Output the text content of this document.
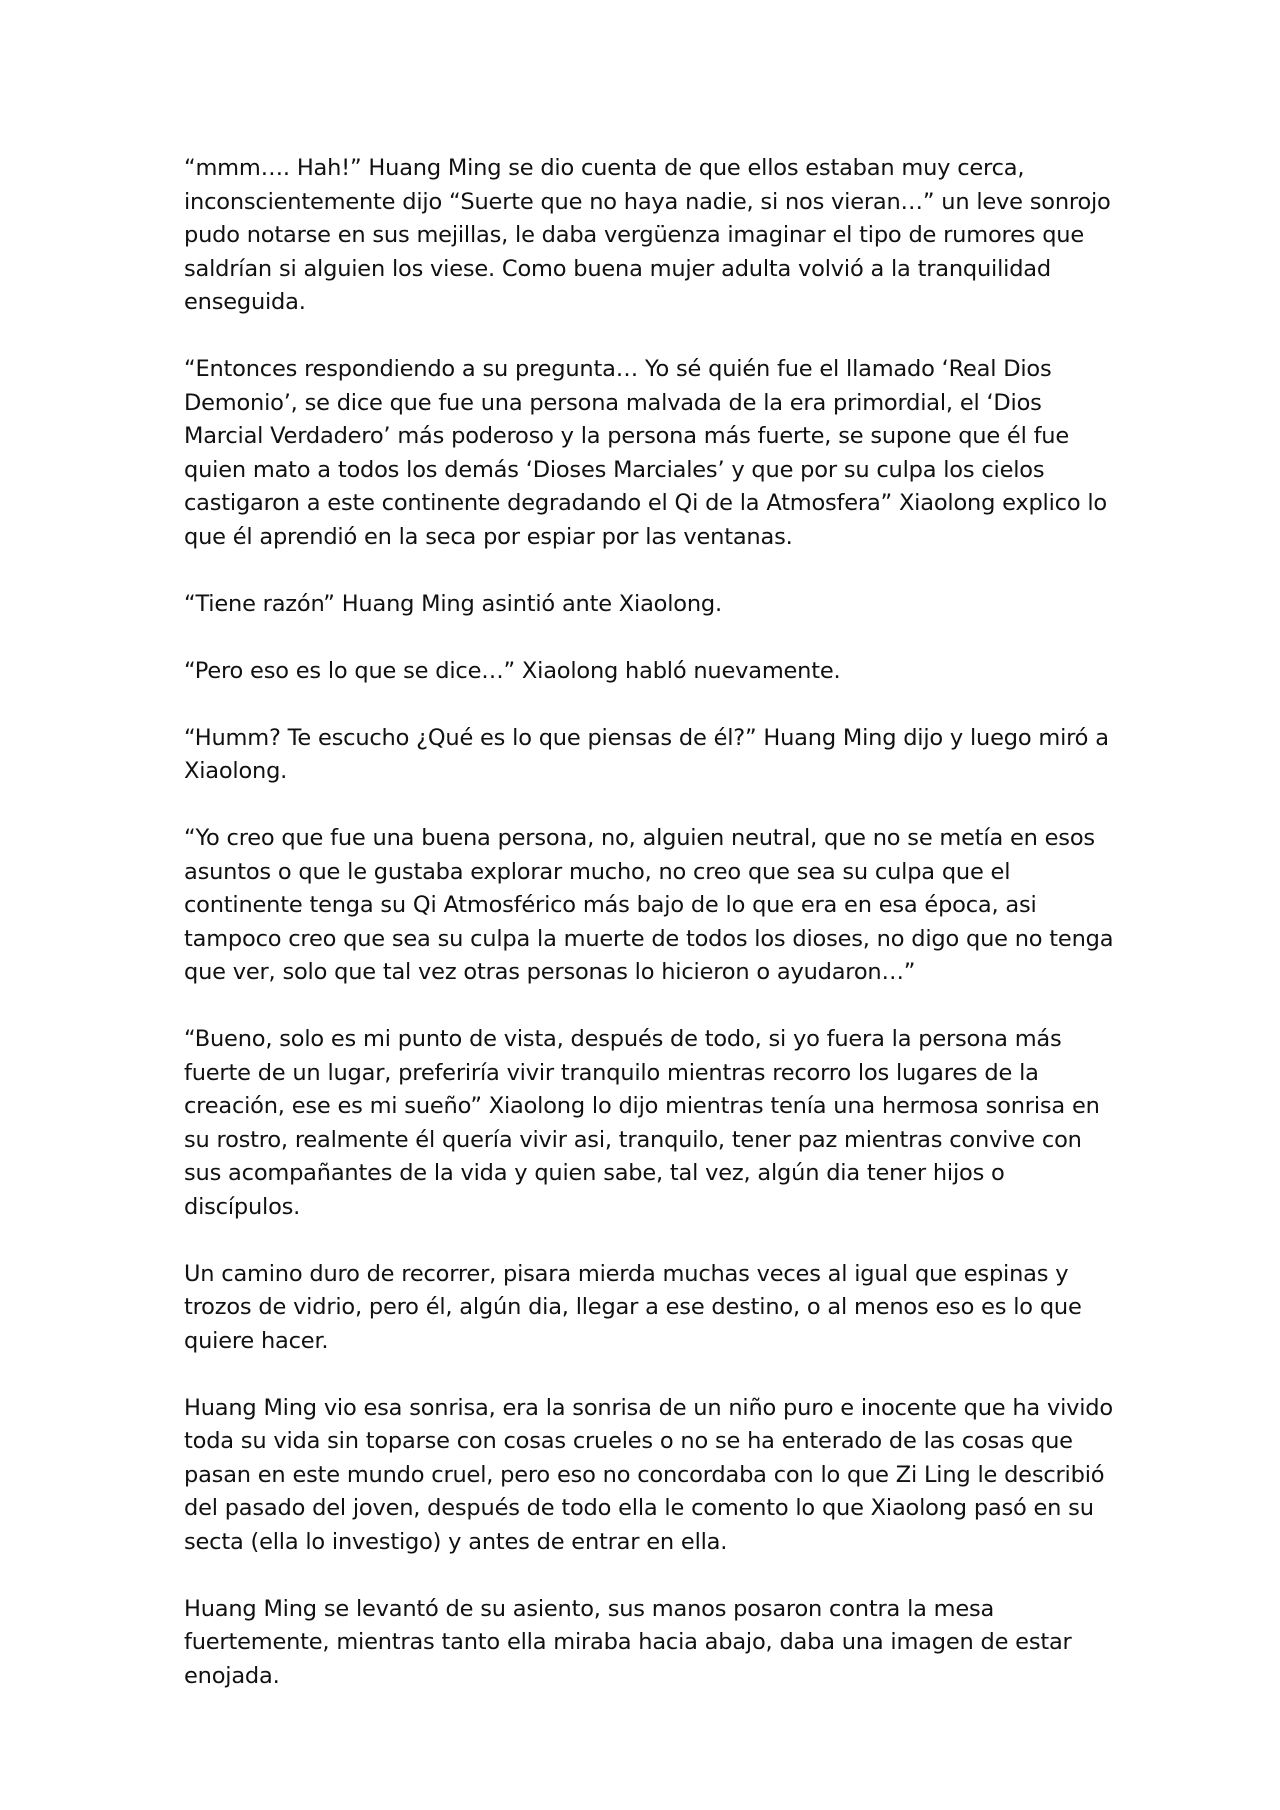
“mmm…. Hah!” Huang Ming se dio cuenta de que ellos estaban muy cerca, inconscientemente dijo “Suerte que no haya nadie, si nos vieran…” un leve sonrojo pudo notarse en sus mejillas, le daba vergüenza imaginar el tipo de rumores que saldrían si alguien los viese. Como buena mujer adulta volvió a la tranquilidad enseguida.

“Entonces respondiendo a su pregunta… Yo sé quién fue el llamado ‘Real Dios Demonio’, se dice que fue una persona malvada de la era primordial, el ‘Dios Marcial Verdadero’ más poderoso y la persona más fuerte, se supone que él fue quien mato a todos los demás ‘Dioses Marciales’ y que por su culpa los cielos castigaron a este continente degradando el Qi de la Atmosfera” Xiaolong explico lo que él aprendió en la seca por espiar por las ventanas.

“Tiene razón” Huang Ming asintió ante Xiaolong.

“Pero eso es lo que se dice…” Xiaolong habló nuevamente.

“Humm? Te escucho ¿Qué es lo que piensas de él?” Huang Ming dijo y luego miró a Xiaolong.

“Yo creo que fue una buena persona, no, alguien neutral, que no se metía en esos asuntos o que le gustaba explorar mucho, no creo que sea su culpa que el continente tenga su Qi Atmosférico más bajo de lo que era en esa época, asi tampoco creo que sea su culpa la muerte de todos los dioses, no digo que no tenga que ver, solo que tal vez otras personas lo hicieron o ayudaron…”

“Bueno, solo es mi punto de vista, después de todo, si yo fuera la persona más fuerte de un lugar, preferiría vivir tranquilo mientras recorro los lugares de la creación, ese es mi sueño” Xiaolong lo dijo mientras tenía una hermosa sonrisa en su rostro, realmente él quería vivir asi, tranquilo, tener paz mientras convive con sus acompañantes de la vida y quien sabe, tal vez, algún dia tener hijos o discípulos.

Un camino duro de recorrer, pisara mierda muchas veces al igual que espinas y trozos de vidrio, pero él, algún dia, llegar a ese destino, o al menos eso es lo que quiere hacer.

Huang Ming vio esa sonrisa, era la sonrisa de un niño puro e inocente que ha vivido toda su vida sin toparse con cosas crueles o no se ha enterado de las cosas que pasan en este mundo cruel, pero eso no concordaba con lo que Zi Ling le describió del pasado del joven, después de todo ella le comento lo que Xiaolong pasó en su secta (ella lo investigo) y antes de entrar en ella.

Huang Ming se levantó de su asiento, sus manos posaron contra la mesa fuertemente, mientras tanto ella miraba hacia abajo, daba una imagen de estar enojada.
